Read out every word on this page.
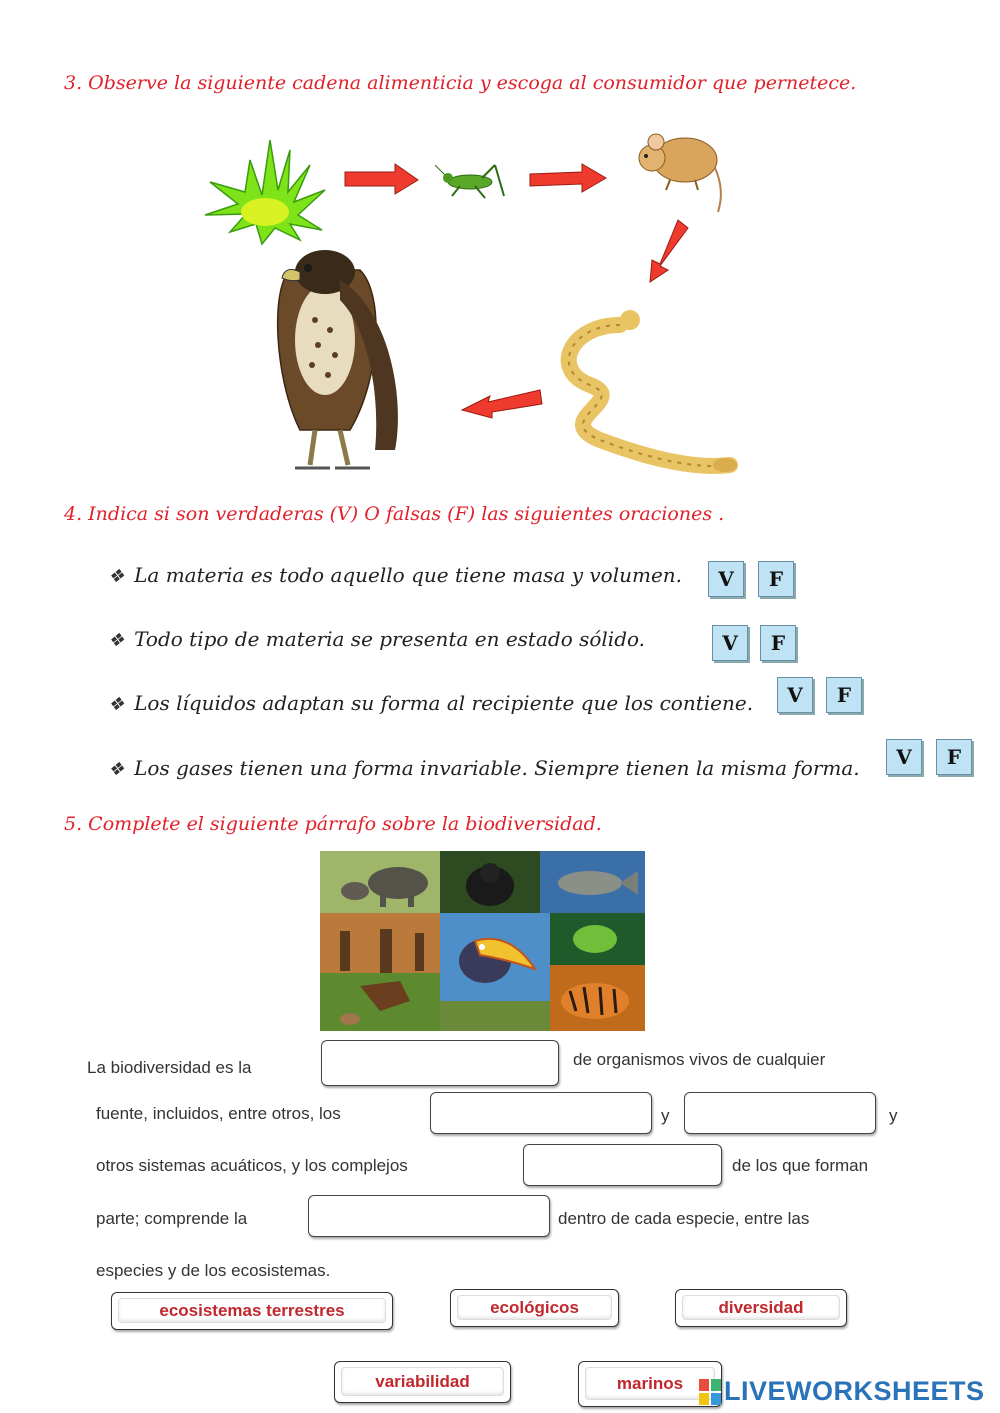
3. Observe la siguiente cadena alimenticia y escoga al consumidor que pernetece.
4. Indica si son verdaderas (V) O falsas (F) las siguientes oraciones .
❖ La materia es todo aquello que tiene masa y volumen.	V	F
❖ Todo tipo de materia se presenta en estado sólido.	V	F
❖ Los líquidos adaptan su forma al recipiente que los contiene.	V	F
❖ Los gases tienen una forma invariable. Siempre tienen la misma forma.	V	F
5. Complete el siguiente párrafo sobre la biodiversidad.
La biodiversidad es la	de organismos vivos de cualquier
fuente, incluidos, entre otros, los	y	y
otros sistemas acuáticos, y los complejos	de los que forman
parte; comprende la	dentro de cada especie, entre las
especies y de los ecosistemas.
ecosistemas terrestres	ecológicos	diversidad
variabilidad	marinos	LIVEWORKSHEETS
